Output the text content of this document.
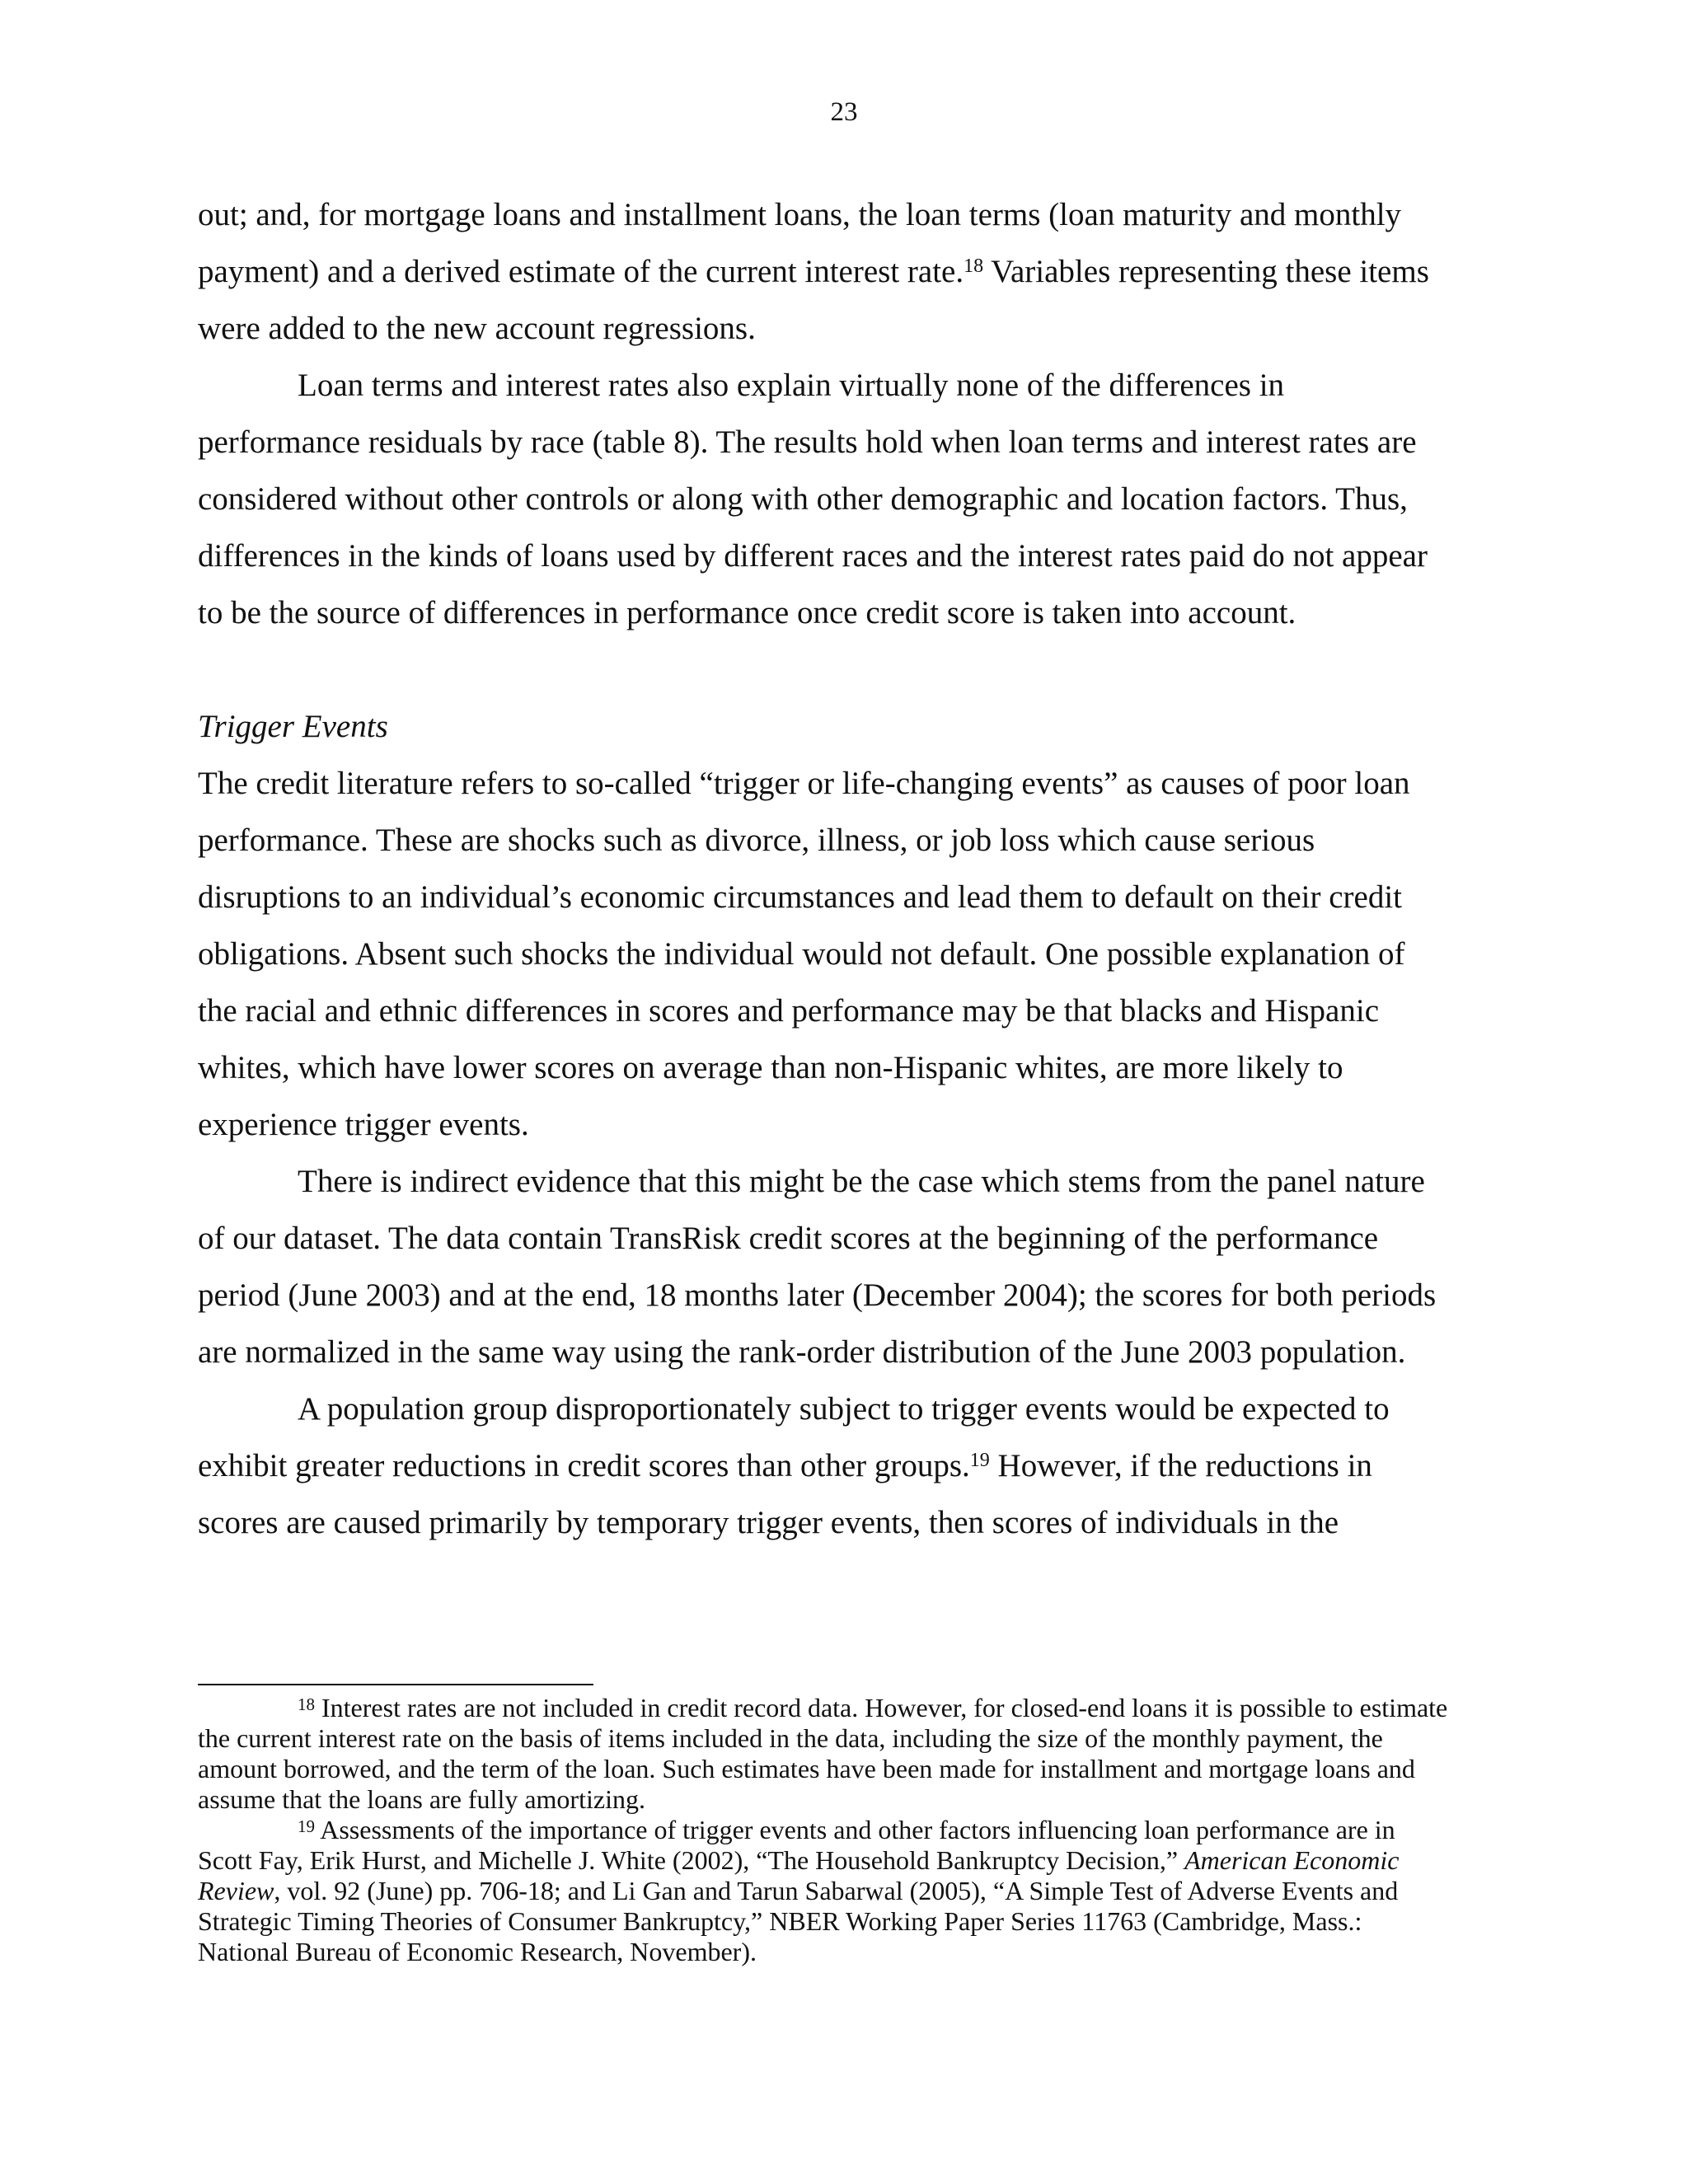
23

out; and, for mortgage loans and installment loans, the loan terms (loan maturity and monthly payment) and a derived estimate of the current interest rate.$^{18}$ Variables representing these items were added to the new account regressions.

Loan terms and interest rates also explain virtually none of the differences in performance residuals by race (table 8). The results hold when loan terms and interest rates are considered without other controls or along with other demographic and location factors. Thus, differences in the kinds of loans used by different races and the interest rates paid do not appear to be the source of differences in performance once credit score is taken into account.

Trigger Events

The credit literature refers to so-called “trigger or life-changing events” as causes of poor loan performance. These are shocks such as divorce, illness, or job loss which cause serious disruptions to an individual’s economic circumstances and lead them to default on their credit obligations. Absent such shocks the individual would not default. One possible explanation of the racial and ethnic differences in scores and performance may be that blacks and Hispanic whites, which have lower scores on average than non-Hispanic whites, are more likely to experience trigger events.

There is indirect evidence that this might be the case which stems from the panel nature of our dataset. The data contain TransRisk credit scores at the beginning of the performance period (June 2003) and at the end, 18 months later (December 2004); the scores for both periods are normalized in the same way using the rank-order distribution of the June 2003 population.

A population group disproportionately subject to trigger events would be expected to exhibit greater reductions in credit scores than other groups.$^{19}$ However, if the reductions in scores are caused primarily by temporary trigger events, then scores of individuals in the

$^{18}$ Interest rates are not included in credit record data. However, for closed-end loans it is possible to estimate the current interest rate on the basis of items included in the data, including the size of the monthly payment, the amount borrowed, and the term of the loan. Such estimates have been made for installment and mortgage loans and assume that the loans are fully amortizing.

$^{19}$ Assessments of the importance of trigger events and other factors influencing loan performance are in Scott Fay, Erik Hurst, and Michelle J. White (2002), “The Household Bankruptcy Decision,” American Economic Review, vol. 92 (June) pp. 706-18; and Li Gan and Tarun Sabarwal (2005), “A Simple Test of Adverse Events and Strategic Timing Theories of Consumer Bankruptcy,” NBER Working Paper Series 11763 (Cambridge, Mass.: National Bureau of Economic Research, November).
